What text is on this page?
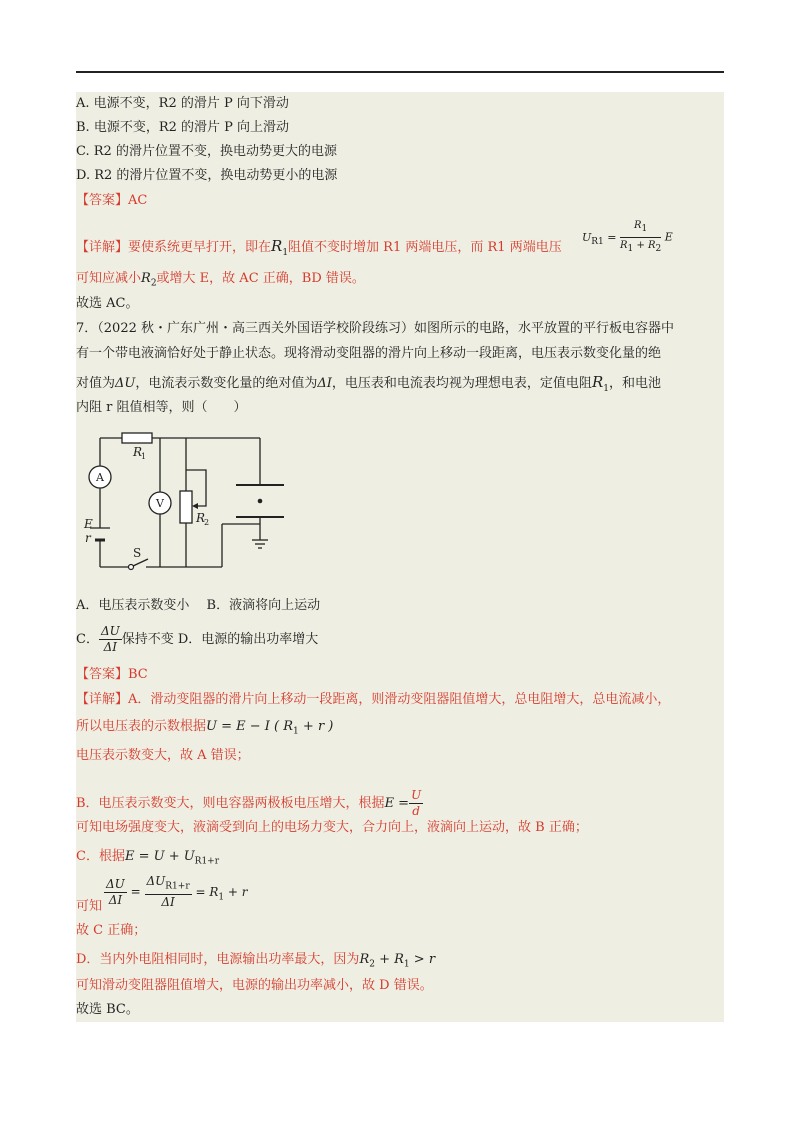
A. 电源不变，R2 的滑片 P 向下滑动
B. 电源不变，R2 的滑片 P 向上滑动
C. R2 的滑片位置不变，换电动势更大的电源
D. R2 的滑片位置不变，换电动势更小的电源
【答案】AC
【详解】要使系统更早打开，即在$R_1$阻值不变时增加 R1 两端电压，而 R1 两端电压
$U_{R1} = \frac{R_1}{R_1 + R_2}$ E
可知应减小$R_2$或增大 E，故 AC 正确，BD 错误。
故选 AC。
7．（2022 秋・广东广州・高三西关外国语学校阶段练习）如图所示的电路，水平放置的平行板电容器中
有一个带电液滴恰好处于静止状态。现将滑动变阻器的滑片向上移动一段距离，电压表示数变化量的绝
对值为ΔU，电流表示数变化量的绝对值为ΔI，电压表和电流表均视为理想电表，定值电阻$R_1$，和电池
内阻 r 阻值相等，则（　　）
A
V
R
1
R
2
E
r
S
A．电压表示数变小　 B．液滴将向上运动
C． $\frac{\Delta U}{\Delta I}$ 保持不变 D．电源的输出功率增大
【答案】BC
【详解】A．滑动变阻器的滑片向上移动一段距离，则滑动变阻器阻值增大，总电阻增大，总电流减小，
所以电压表的示数根据U = E − I ( $R_1 + r$ )
电压表示数变大，故 A 错误；
B．电压表示数变大，则电容器两极板电压增大，根据$E = \frac{U}{d}$
可知电场强度变大，液滴受到向上的电场力变大，合力向上，液滴向上运动，故 B 正确；
C．根据$E = U + U_{R1+r}$
$\frac{\Delta U}{\Delta I}$ =
$\Delta U_{R1+r}$
ΔI
= $R_1 + r$
可知
故 C 正确；
D．当内外电阻相同时，电源输出功率最大，因为$R_2 + R_1 > r$
可知滑动变阻器阻值增大，电源的输出功率减小，故 D 错误。
故选 BC。
